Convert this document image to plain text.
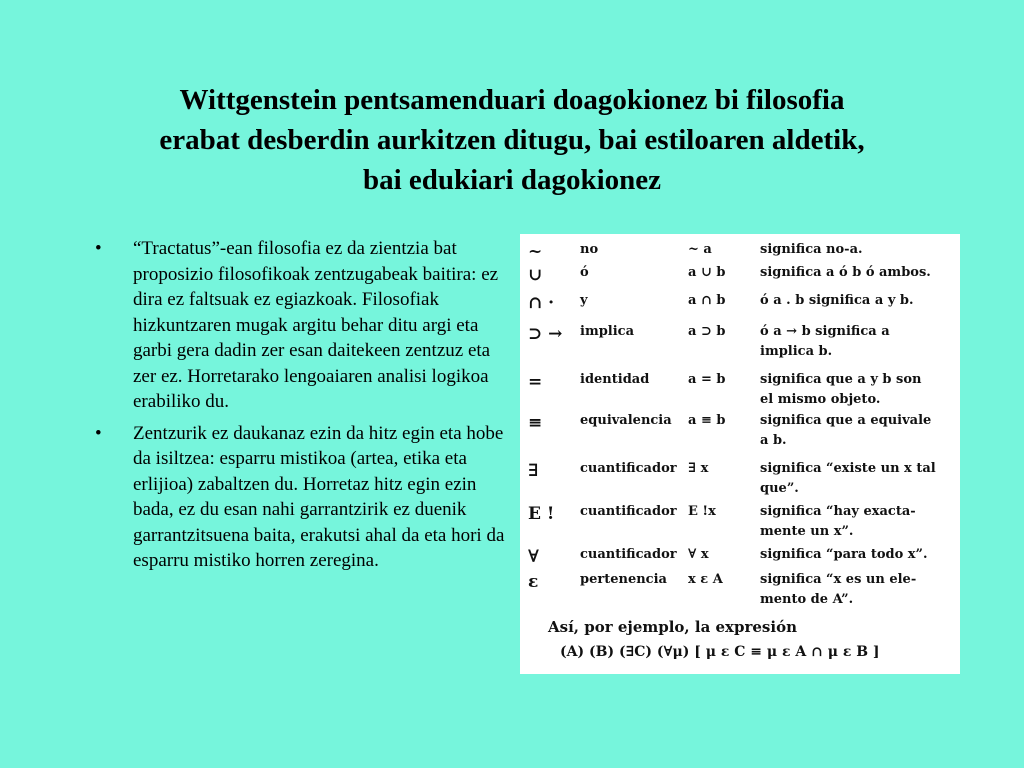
Wittgenstein pentsamenduari doagokionez bi filosofia
erabat desberdin aurkitzen ditugu, bai estiloaren aldetik,
bai edukiari dagokionez
• “Tractatus”-ean filosofia ez da zientzia bat proposizio filosofikoak zentzugabeak baitira: ez dira ez faltsuak ez egiazkoak. Filosofiak hizkuntzaren mugak argitu behar ditu argi eta garbi gera dadin zer esan daitekeen zentzuz eta zer ez. Horretarako lengoaiaren analisi logikoa erabiliko du.
• Zentzurik ez daukanaz ezin da hitz egin eta hobe da isiltzea: esparru mistikoa (artea, etika eta erlijioa) zabaltzen du. Horretaz hitz egin ezin bada, ez du esan nahi garrantzirik ez duenik garrantzitsuena baita, erakutsi ahal da eta hori da esparru mistiko horren zeregina.
~	no	~ a	significa no-a.
∪	ó	a ∪ b	significa a ó b ó ambos.
∩ · y	a ∩ b	ó a . b significa a y b.
⊃ → implica	a ⊃ b	ó a → b significa a
implica b.
=	identidad	a = b	significa que a y b son
el mismo objeto.
≡	equivalencia a ≡ b	significa que a equivale
a b.
∃	cuantificador ∃ x	significa “existe un x tal
que”.
E ! cuantificador E !x	significa “hay exacta-
mente un x”.
∀	cuantificador ∀ x	significa “para todo x”.
ε	pertenencia x ε A	significa “x es un ele-
mento de A”.
Así, por ejemplo, la expresión
(A) (B) (∃C) (∀μ) [ μ ε C ≡ μ ε A ∩ μ ε B ]
